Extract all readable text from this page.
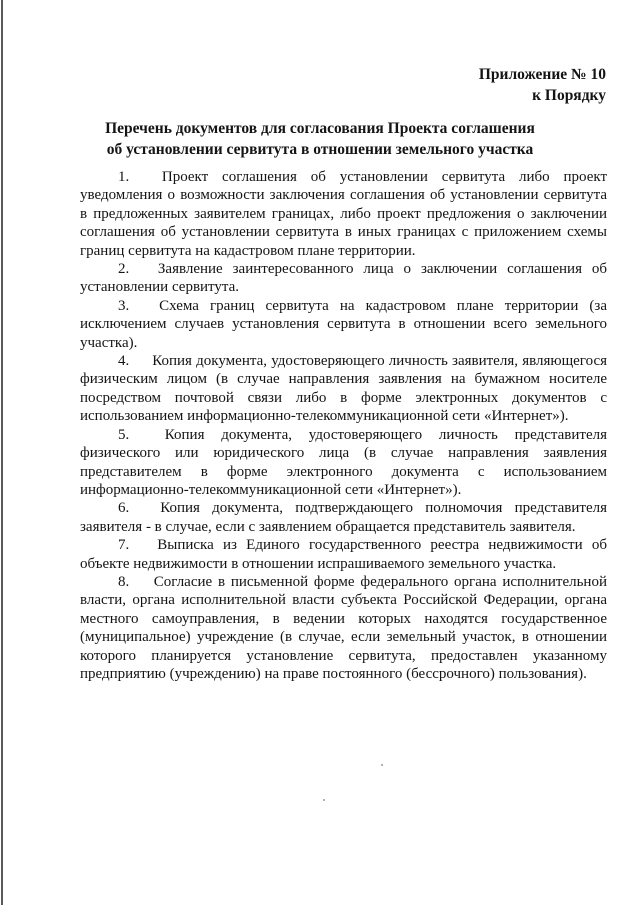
Приложение № 10
к Порядку
Перечень документов для согласования Проекта соглашения
об установлении сервитута в отношении земельного участка

1. Проект соглашения об установлении сервитута либо проект уведомления о возможности заключения соглашения об установлении сервитута в предложенных заявителем границах, либо проект предложения о заключении соглашения об установлении сервитута в иных границах с приложением схемы границ сервитута на кадастровом плане территории.

2. Заявление заинтересованного лица о заключении соглашения об установлении сервитута.

3. Схема границ сервитута на кадастровом плане территории (за исключением случаев установления сервитута в отношении всего земельного участка).

4. Копия документа, удостоверяющего личность заявителя, являющегося физическим лицом (в случае направления заявления на бумажном носителе посредством почтовой связи либо в форме электронных документов с использованием информационно-телекоммуникационной сети «Интернет»).

5. Копия документа, удостоверяющего личность представителя физического или юридического лица (в случае направления заявления представителем в форме электронного документа с использованием информационно-телекоммуникационной сети «Интернет»).

6. Копия документа, подтверждающего полномочия представителя заявителя - в случае, если с заявлением обращается представитель заявителя.

7. Выписка из Единого государственного реестра недвижимости об объекте недвижимости в отношении испрашиваемого земельного участка.

8. Согласие в письменной форме федерального органа исполнительной власти, органа исполнительной власти субъекта Российской Федерации, органа местного самоуправления, в ведении которых находятся государственное (муниципальное) учреждение (в случае, если земельный участок, в отношении которого планируется установление сервитута, предоставлен указанному предприятию (учреждению) на праве постоянного (бессрочного) пользования).
